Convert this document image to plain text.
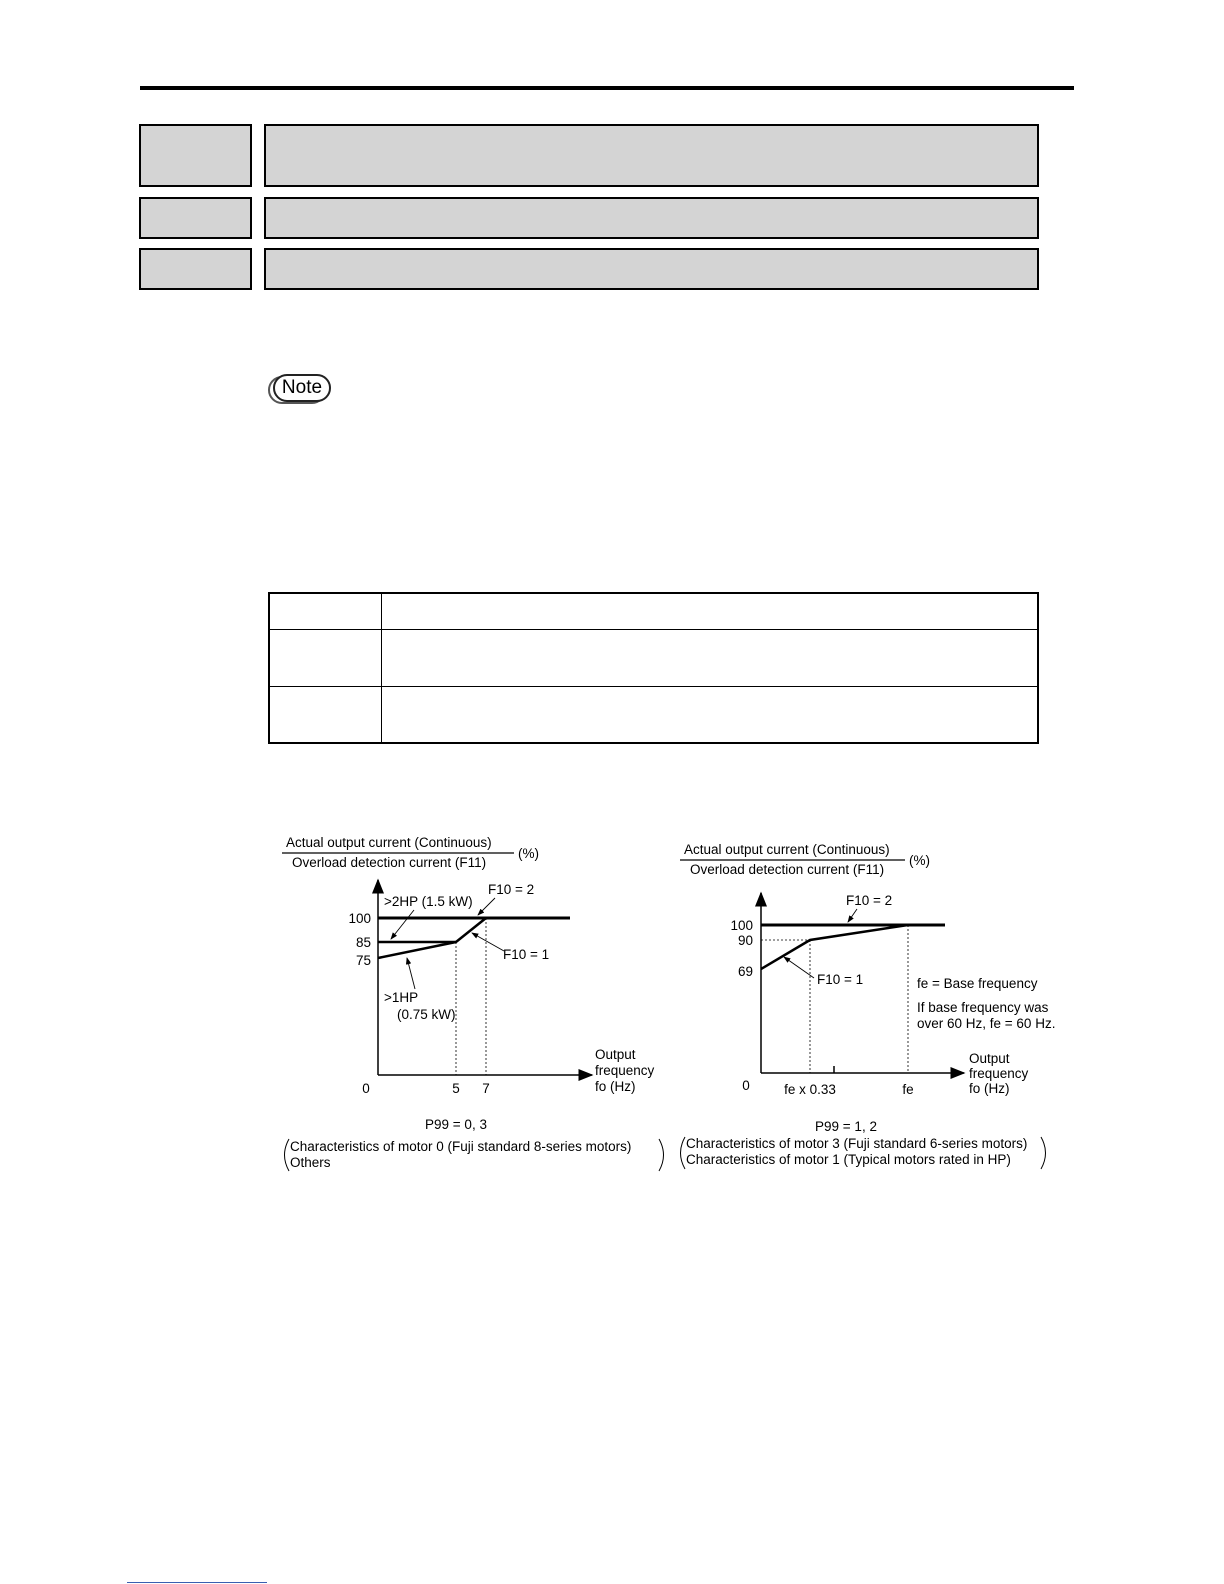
Note

Actual output current (Continuous)
Overload detection current (F11)
(%)
100
85
75
0	5 7
>2HP (1.5 kW)
F10 = 2
F10 = 1
>1HP
(0.75 kW)
Output
frequency
fo (Hz)
P99 = 0, 3
Characteristics of motor 0 (Fuji standard 8-series motors)
Others
Actual output current (Continuous)
Overload detection current (F11)
(%)
100
90
69
0	fe x 0.33	fe
F10 = 2
F10 = 1	fe = Base frequency
If base frequency was
over 60 Hz, fe = 60 Hz.
Output
frequency
fo (Hz)
P99 = 1, 2
Characteristics of motor 3 (Fuji standard 6-series motors)
Characteristics of motor 1 (Typical motors rated in HP)
